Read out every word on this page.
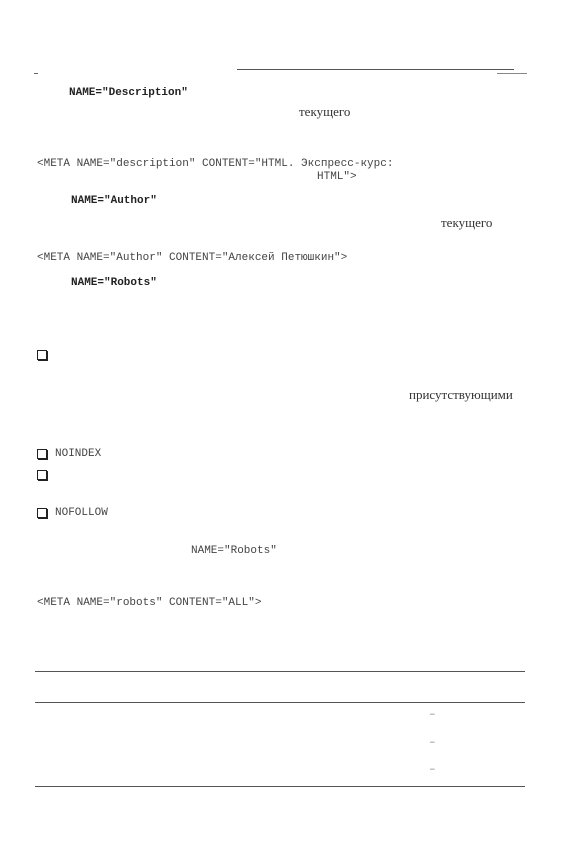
NAME="Description"
текущего
<META NAME="description" CONTENT="HTML. Экспресс-курс:
HTML">
NAME="Author"
текущего
<META NAME="Author" CONTENT="Алексей Петюшкин">
NAME="Robots"
присутствующими
NOINDEX
NOFOLLOW
NAME="Robots"
<META NAME="robots" CONTENT="ALL">
–
–
–
